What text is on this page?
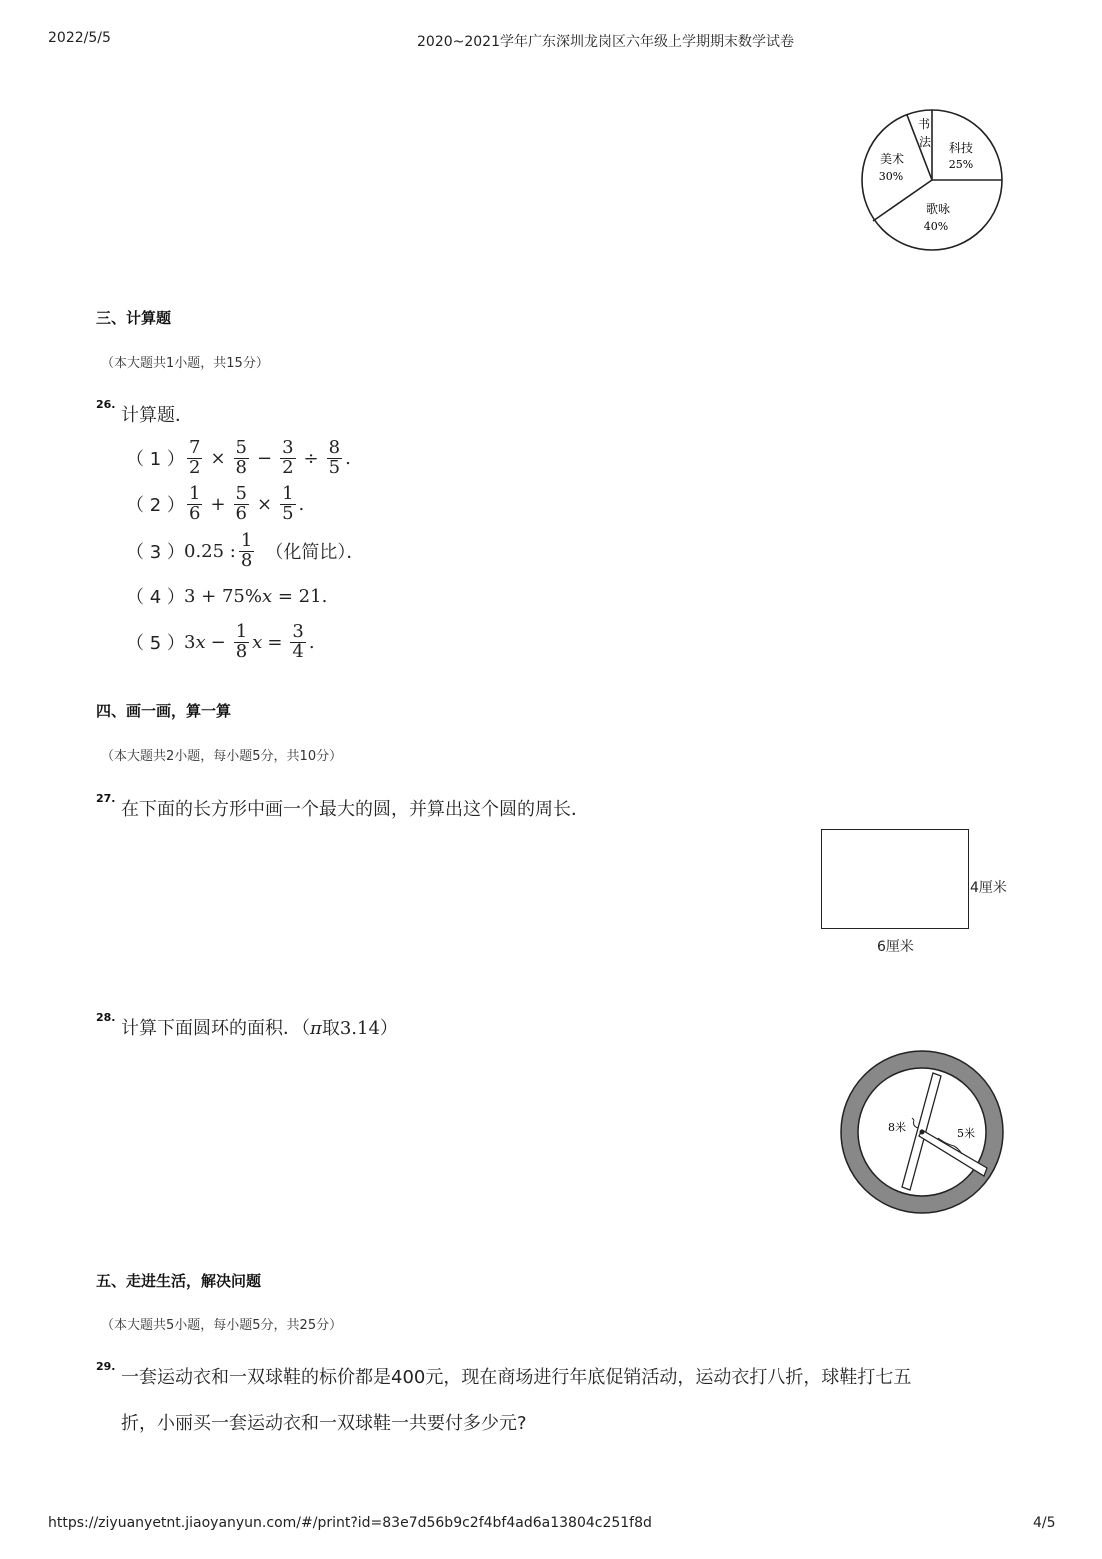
2022/5/5	2020~2021学年广东深圳龙岗区六年级上学期期末数学试卷
科技
25%
歌咏
40%
美术
30%
书
法
三、计算题
（本大题共1小题，共15分）
26.
计算题．
（ 1 ） $\frac{7}{2} \times \frac{5}{8} - \frac{3}{2} \div \frac{8}{5}$ .
（ 2 ） $\frac{1}{6} + \frac{5}{6} \times \frac{1}{5}$ .
（ 3 ） 0.25 : $\frac{1}{8}$ （化简比）．
（ 4 ） 3 + 75% x = 21 .
（ 5 ） 3 $x - \frac{1}{8}$ $x = \frac{3}{4}$ .
四、画一画，算一算
（本大题共2小题，每小题5分，共10分）
27.
在下面的长方形中画一个最大的圆，并算出这个圆的周长．
4厘米
6厘米
28.
计算下面圆环的面积．（π取3.14）
8米	5米
五、走进生活，解决问题
（本大题共5小题，每小题5分，共25分）
29.
一套运动衣和一双球鞋的标价都是400元，现在商场进行年底促销活动，运动衣打八折，球鞋打七五
折，小丽买一套运动衣和一双球鞋一共要付多少元?
https://ziyuanyetnt.jiaoyanyun.com/#/print?id=83e7d56b9c2f4bf4ad6a13804c251f8d	4/5
